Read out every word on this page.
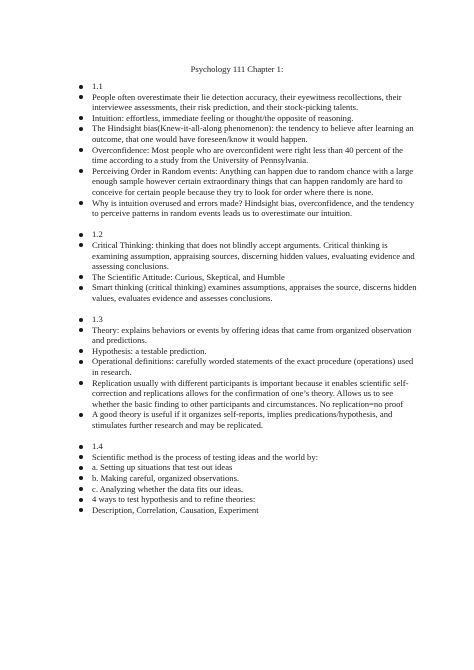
Psychology 111 Chapter 1:
1.1
People often overestimate their lie detection accuracy, their eyewitness recollections, their interviewee assessments, their risk prediction, and their stock-picking talents.
Intuition: effortless, immediate feeling or thought/the opposite of reasoning.
The Hindsight bias(Knew-it-all-along phenomenon): the tendency to believe after learning an outcome, that one would have foreseen/know it would happen.
Overconfidence: Most people who are overconfident were right less than 40 percent of the time according to a study from the University of Pennsylvania.
Perceiving Order in Random events: Anything can happen due to random chance with a large enough sample however certain extraordinary things that can happen randomly are hard to conceive for certain people because they try to look for order where there is none.
Why is intuition overused and errors made? Hindsight bias, overconfidence, and the tendency to perceive patterns in random events leads us to overestimate our intuition.
1.2
Critical Thinking: thinking that does not blindly accept arguments. Critical thinking is examining assumption, appraising sources, discerning hidden values, evaluating evidence and assessing conclusions.
The Scientific Attitude: Curious, Skeptical, and Humble
Smart thinking (critical thinking) examines assumptions, appraises the source, discerns hidden values, evaluates evidence and assesses conclusions.
1.3
Theory: explains behaviors or events by offering ideas that came from organized observation and predictions.
Hypothesis: a testable prediction.
Operational definitions: carefully worded statements of the exact procedure (operations) used in research.
Replication usually with different participants is important because it enables scientific self-correction and replications allows for the confirmation of one’s theory. Allows us to see whether the basic finding to other participants and circumstances. No replication=no proof
A good theory is useful if it organizes self-reports, implies predications/hypothesis, and stimulates further research and may be replicated.
1.4
Scientific method is the process of testing ideas and the world by:
a. Setting up situations that test out ideas
b. Making careful, organized observations.
c. Analyzing whether the data fits our ideas.
4 ways to test hypothesis and to refine theories:
Description, Correlation, Causation, Experiment
